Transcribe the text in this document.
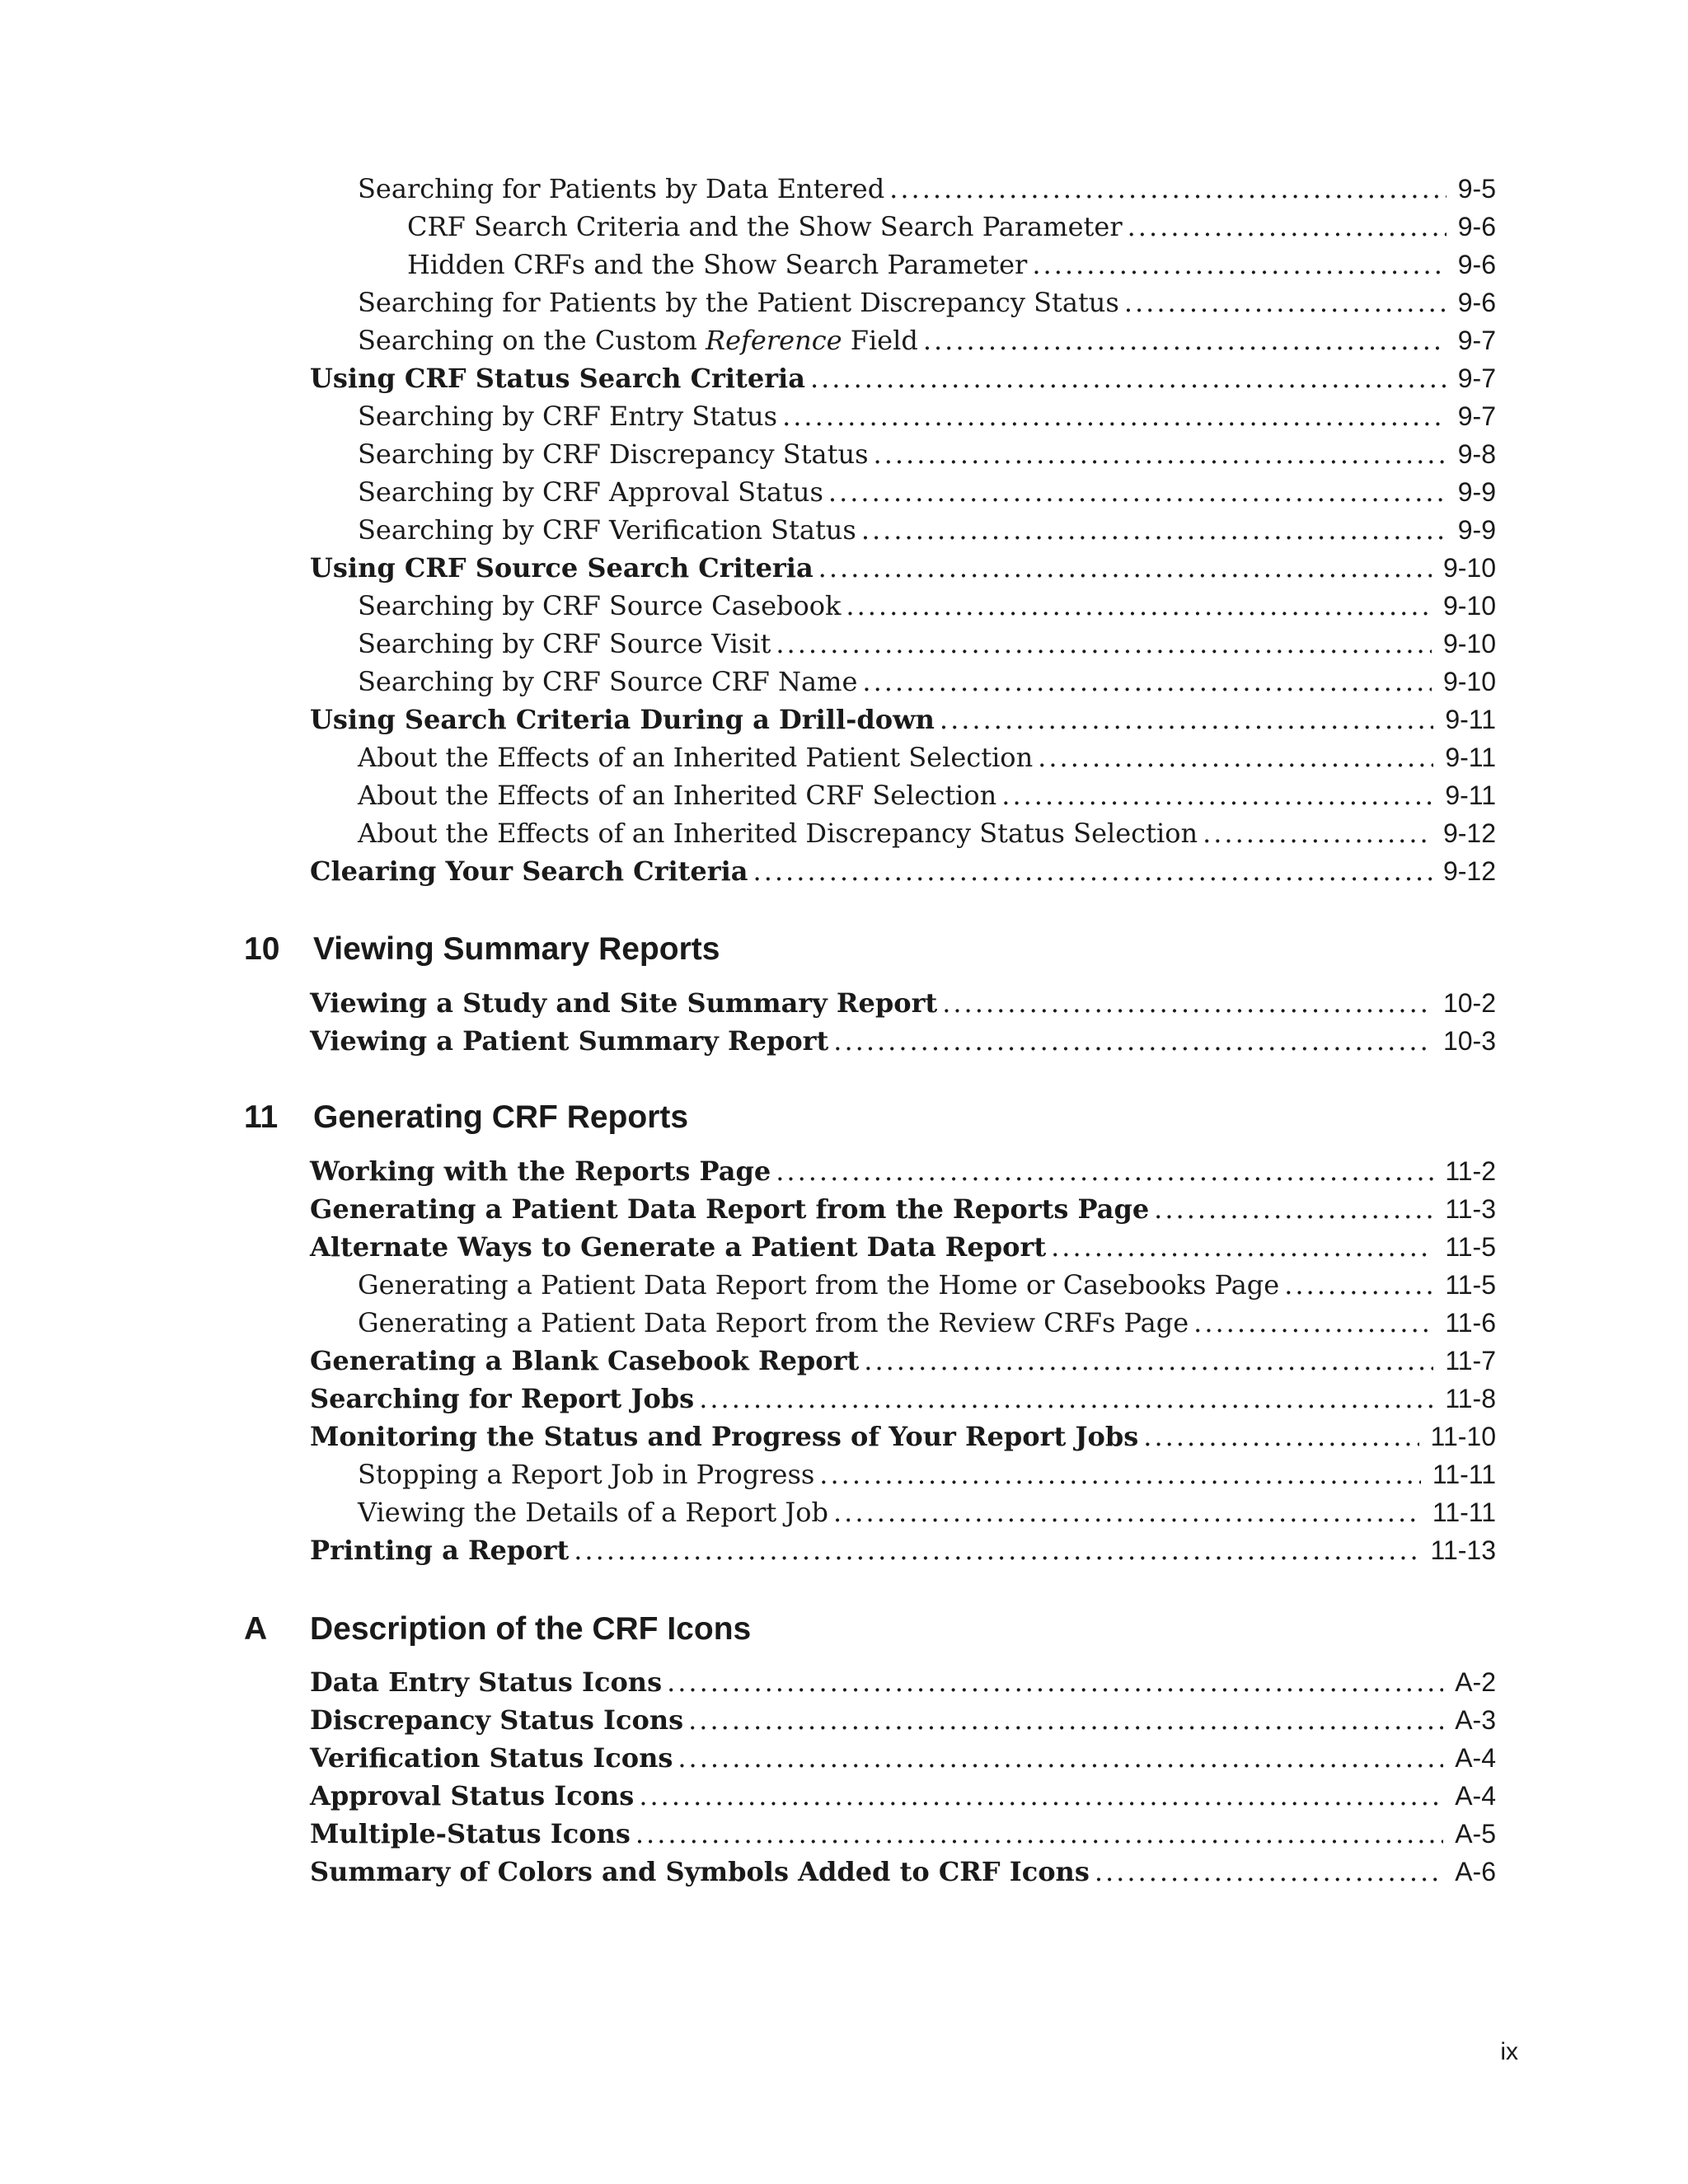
Searching for Patients by Data Entered .....	9-5
CRF Search Criteria and the Show Search Parameter .....	9-6
Hidden CRFs and the Show Search Parameter .....	9-6
Searching for Patients by the Patient Discrepancy Status .....	9-6
Searching on the Custom Reference Field .....	9-7
Using CRF Status Search Criteria .....	9-7
Searching by CRF Entry Status .....	9-7
Searching by CRF Discrepancy Status .....	9-8
Searching by CRF Approval Status .....	9-9
Searching by CRF Verification Status .....	9-9
Using CRF Source Search Criteria .....	9-10
Searching by CRF Source Casebook .....	9-10
Searching by CRF Source Visit .....	9-10
Searching by CRF Source CRF Name .....	9-10
Using Search Criteria During a Drill-down .....	9-11
About the Effects of an Inherited Patient Selection .....	9-11
About the Effects of an Inherited CRF Selection .....	9-11
About the Effects of an Inherited Discrepancy Status Selection .....	9-12
Clearing Your Search Criteria .....	9-12
10 Viewing Summary Reports
Viewing a Study and Site Summary Report .....	10-2
Viewing a Patient Summary Report .....	10-3
11 Generating CRF Reports
Working with the Reports Page .....	11-2
Generating a Patient Data Report from the Reports Page .....	11-3
Alternate Ways to Generate a Patient Data Report .....	11-5
Generating a Patient Data Report from the Home or Casebooks Page .....	11-5
Generating a Patient Data Report from the Review CRFs Page .....	11-6
Generating a Blank Casebook Report .....	11-7
Searching for Report Jobs .....	11-8
Monitoring the Status and Progress of Your Report Jobs .....	11-10
Stopping a Report Job in Progress .....	11-11
Viewing the Details of a Report Job .....	11-11
Printing a Report .....	11-13
A Description of the CRF Icons
Data Entry Status Icons .....	A-2
Discrepancy Status Icons .....	A-3
Verification Status Icons .....	A-4
Approval Status Icons .....	A-4
Multiple-Status Icons .....	A-5
Summary of Colors and Symbols Added to CRF Icons .....	A-6
ix
